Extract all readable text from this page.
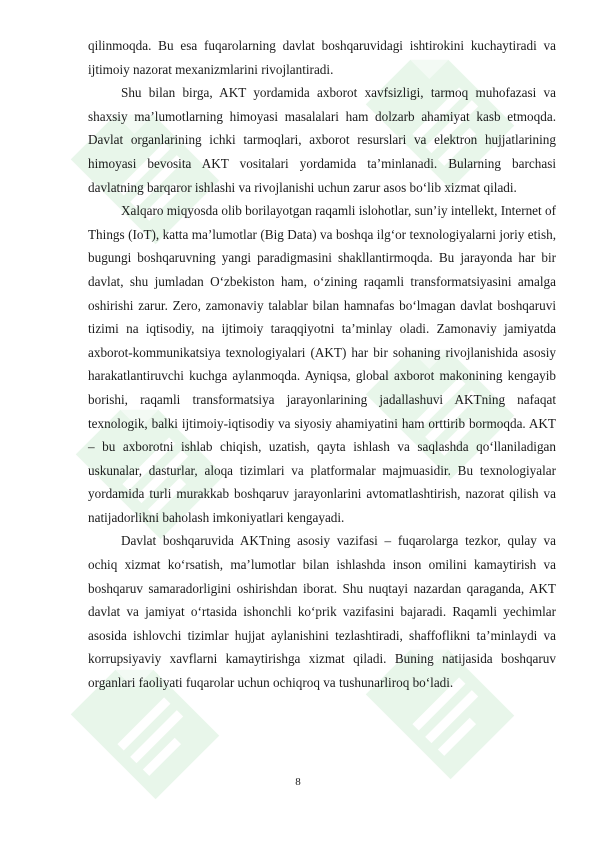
qilinmoqda. Bu esa fuqarolarning davlat boshqaruvidagi ishtirokini kuchaytiradi va ijtimoiy nazorat mexanizmlarini rivojlantiradi.

Shu bilan birga, AKT yordamida axborot xavfsizligi, tarmoq muhofazasi va shaxsiy ma’lumotlarning himoyasi masalalari ham dolzarb ahamiyat kasb etmoqda. Davlat organlarining ichki tarmoqlari, axborot resurslari va elektron hujjatlarining himoyasi bevosita AKT vositalari yordamida ta’minlanadi. Bularning barchasi davlatning barqaror ishlashi va rivojlanishi uchun zarur asos bo‘lib xizmat qiladi.

Xalqaro miqyosda olib borilayotgan raqamli islohotlar, sun’iy intellekt, Internet of Things (IoT), katta ma’lumotlar (Big Data) va boshqa ilg‘or texnologiyalarni joriy etish, bugungi boshqaruvning yangi paradigmasini shakllantirmoqda. Bu jarayonda har bir davlat, shu jumladan O‘zbekiston ham, o‘zining raqamli transformatsiyasini amalga oshirishi zarur. Zero, zamonaviy talablar bilan hamnafas bo‘lmagan davlat boshqaruvi tizimi na iqtisodiy, na ijtimoiy taraqqiyotni ta’minlay oladi. Zamonaviy jamiyatda axborot-kommunikatsiya texnologiyalari (AKT) har bir sohaning rivojlanishida asosiy harakatlantiruvchi kuchga aylanmoqda. Ayniqsa, global axborot makonining kengayib borishi, raqamli transformatsiya jarayonlarining jadallashuvi AKTning nafaqat texnologik, balki ijtimoiy-iqtisodiy va siyosiy ahamiyatini ham orttirib bormoqda. AKT – bu axborotni ishlab chiqish, uzatish, qayta ishlash va saqlashda qo‘llaniladigan uskunalar, dasturlar, aloqa tizimlari va platformalar majmuasidir. Bu texnologiyalar yordamida turli murakkab boshqaruv jarayonlarini avtomatlashtirish, nazorat qilish va natijadorlikni baholash imkoniyatlari kengayadi.

Davlat boshqaruvida AKTning asosiy vazifasi – fuqarolarga tezkor, qulay va ochiq xizmat ko‘rsatish, ma’lumotlar bilan ishlashda inson omilini kamaytirish va boshqaruv samaradorligini oshirishdan iborat. Shu nuqtayi nazardan qaraganda, AKT davlat va jamiyat o‘rtasida ishonchli ko‘prik vazifasini bajaradi. Raqamli yechimlar asosida ishlovchi tizimlar hujjat aylanishini tezlashtiradi, shaffoflikni ta’minlaydi va korrupsiyaviy xavflarni kamaytirishga xizmat qiladi. Buning natijasida boshqaruv organlari faoliyati fuqarolar uchun ochiqroq va tushunarliroq bo‘ladi.

8
